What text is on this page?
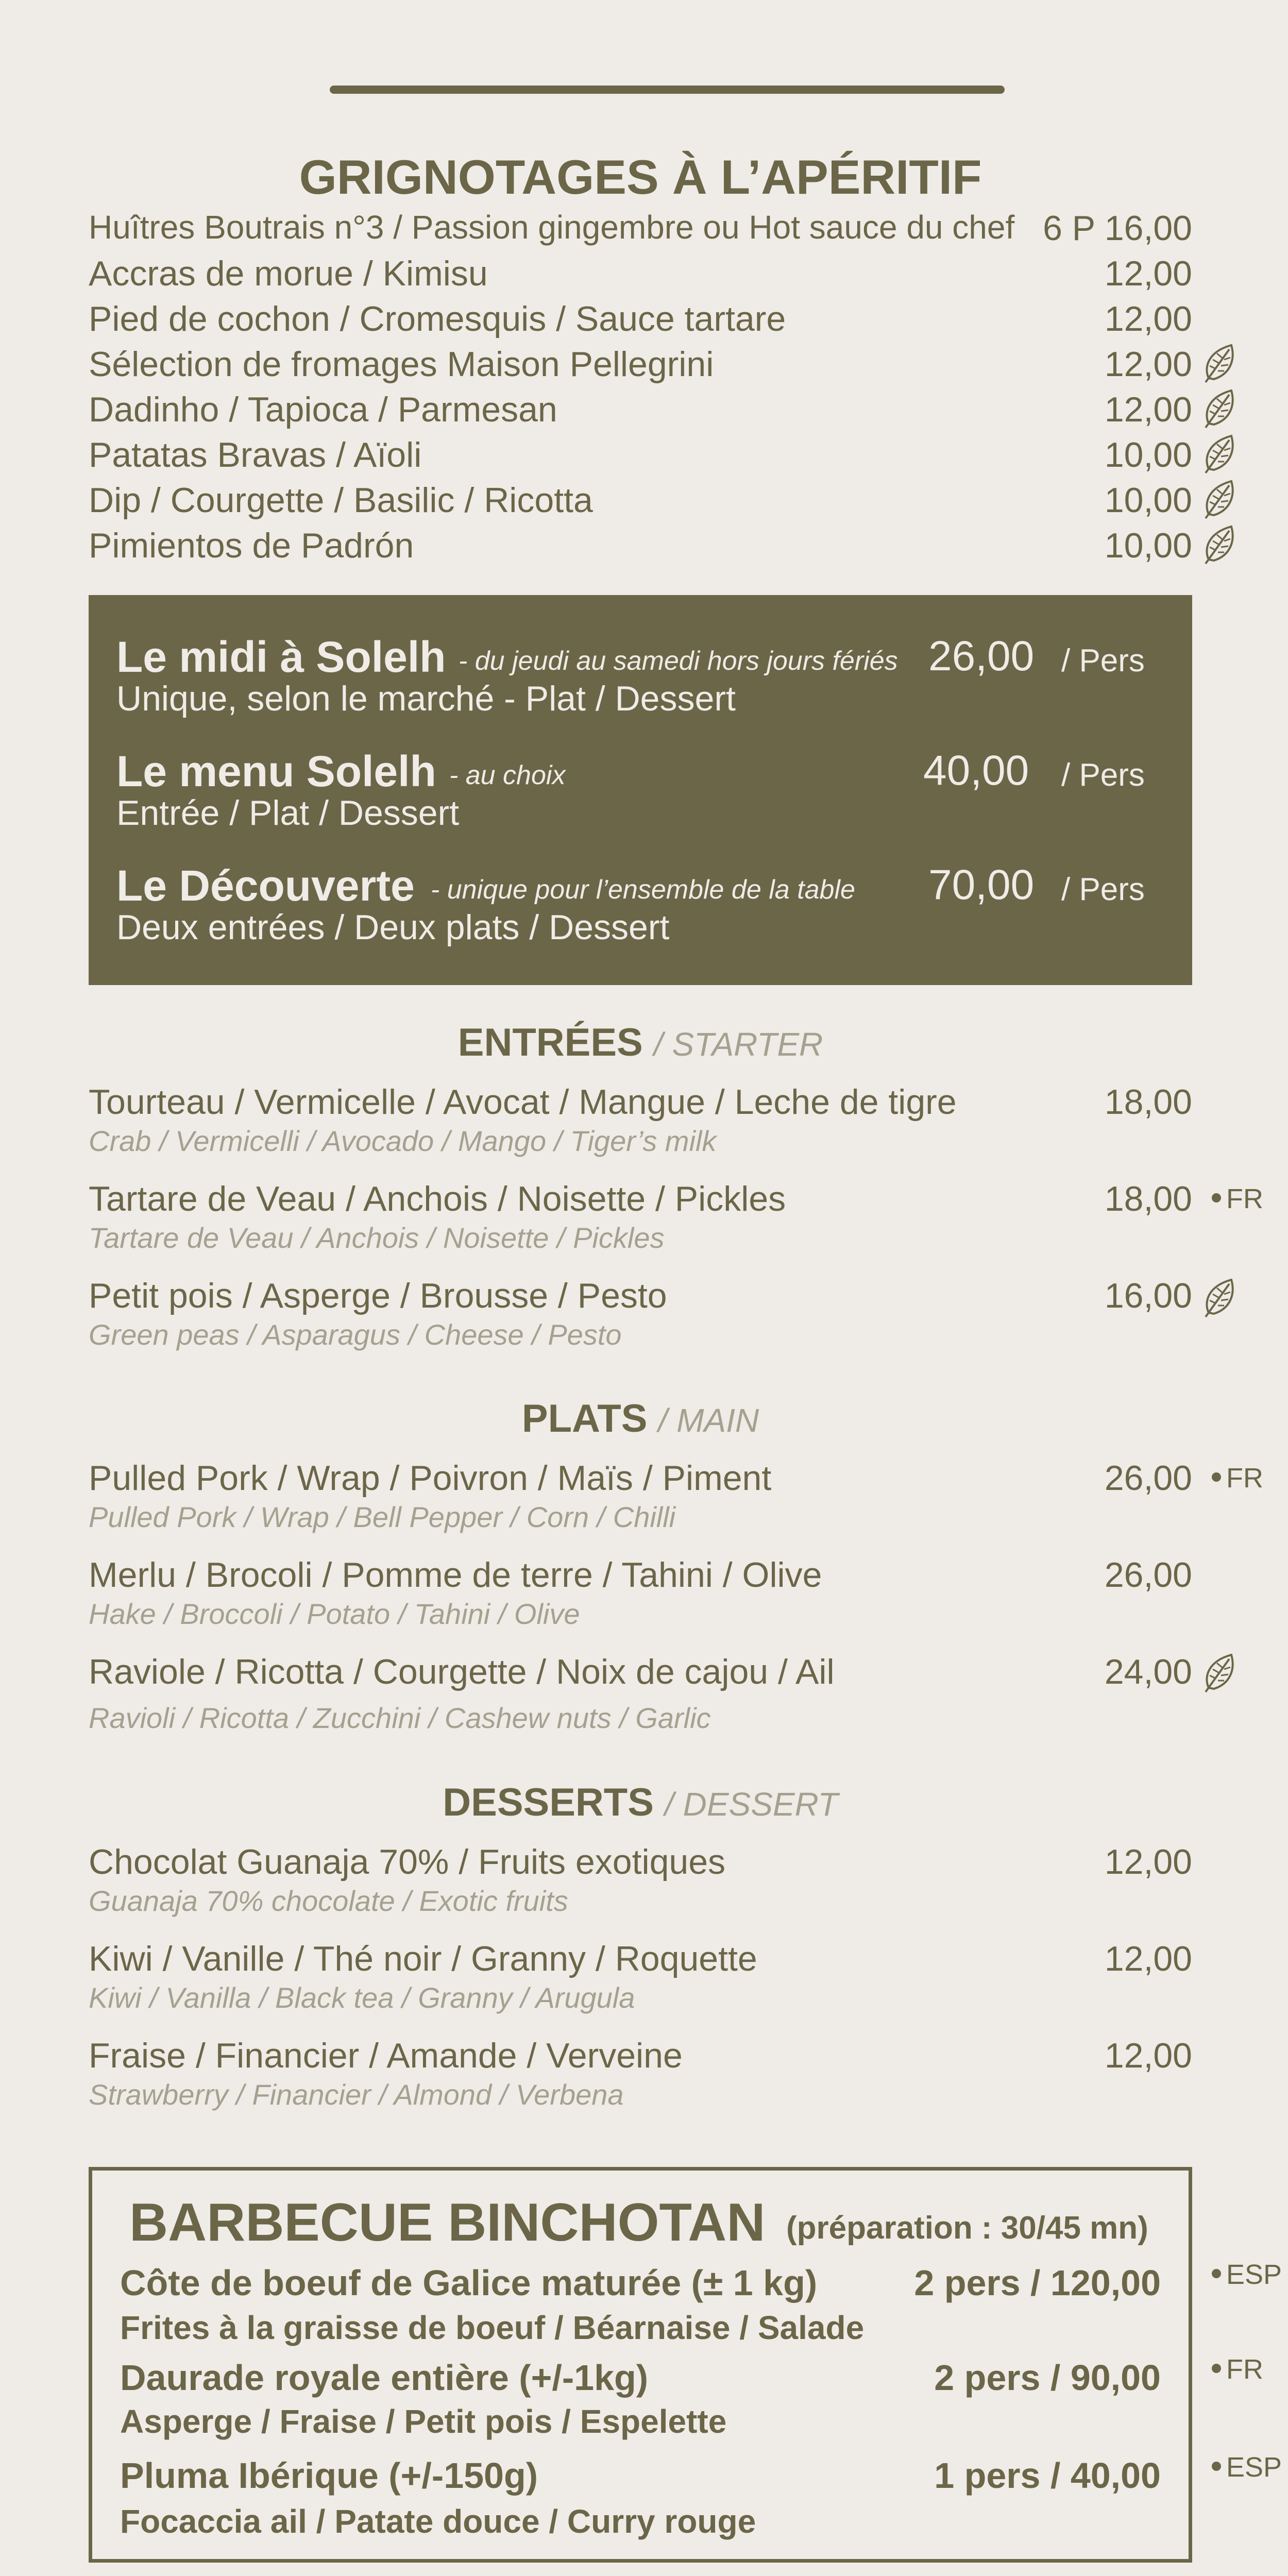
GRIGNOTAGES À L’APÉRITIF
Huîtres Boutrais n°3 / Passion gingembre ou Hot sauce du chef 6 P 16,00
Accras de morue / Kimisu	12,00
Pied de cochon / Cromesquis / Sauce tartare	12,00
Sélection de fromages Maison Pellegrini	12,00
Dadinho / Tapioca / Parmesan	12,00
Patatas Bravas / Aïoli	10,00
Dip / Courgette / Basilic / Ricotta	10,00
Pimientos de Padrón	10,00
Le midi à Solelh - du jeudi au samedi hors jours fériés 26,00 / Pers
Unique, selon le marché - Plat / Dessert
Le menu Solelh - au choix	40,00 / Pers
Entrée / Plat / Dessert
Le Découverte - unique pour l’ensemble de la table 70,00 / Pers
Deux entrées / Deux plats / Dessert
ENTRÉES / STARTER
Tourteau / Vermicelle / Avocat / Mangue / Leche de tigre	18,00
Crab / Vermicelli / Avocado / Mango / Tiger’s milk
Tartare de Veau / Anchois / Noisette / Pickles	18,00
Tartare de Veau / Anchois / Noisette / Pickles
Petit pois / Asperge / Brousse / Pesto	16,00
Green peas / Asparagus / Cheese / Pesto
FR
PLATS / MAIN
Pulled Pork / Wrap / Poivron / Maïs / Piment	26,00
Pulled Pork / Wrap / Bell Pepper / Corn / Chilli
Merlu / Brocoli / Pomme de terre / Tahini / Olive	26,00
Hake / Broccoli / Potato / Tahini / Olive
Raviole / Ricotta / Courgette / Noix de cajou / Ail	24,00
Ravioli / Ricotta / Zucchini / Cashew nuts / Garlic
FR
DESSERTS / DESSERT
Chocolat Guanaja 70% / Fruits exotiques	12,00
Guanaja 70% chocolate / Exotic fruits
Kiwi / Vanille / Thé noir / Granny / Roquette	12,00
Kiwi / Vanilla / Black tea / Granny / Arugula
Fraise / Financier / Amande / Verveine	12,00
Strawberry / Financier / Almond / Verbena
BARBECUE BINCHOTAN (préparation : 30/45 mn)
Côte de boeuf de Galice maturée (± 1 kg)	2 pers / 120,00
Frites à la graisse de boeuf / Béarnaise / Salade
Daurade royale entière (+/-1kg)	2 pers / 90,00
Asperge / Fraise / Petit pois / Espelette
Pluma Ibérique (+/-150g)	1 pers / 40,00
Focaccia ail / Patate douce / Curry rouge
ESP
FR
ESP
